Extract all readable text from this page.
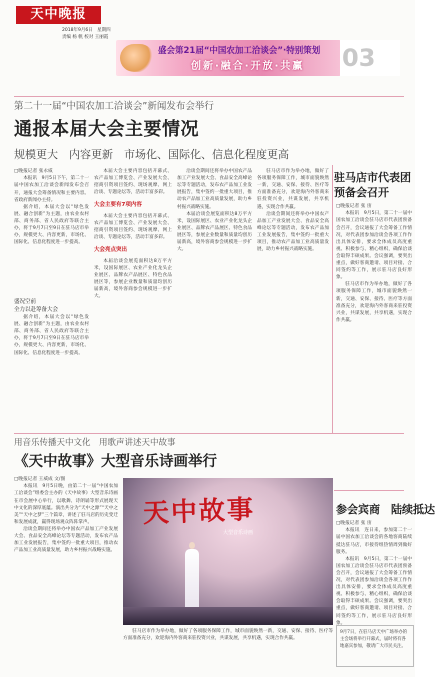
天中晚报
2018年9月6日　星期四
责编 杨 帆 校对 王丽霞
盛会第21届“中国农加工洽谈会”·特别策划
创新·融合·开放·共赢 03
第二十一届“中国农加工洽谈会”新闻发布会举行
通报本届大会主要情况
规模更大　内容更新　市场化、国际化、信息化程度更高
□晚报记者 张永威

本报讯　9月5日下午，第二十一届中国农加工洽谈会新闻发布会召开，通报大会筹备情况和主要内容。省政府新闻办主持。

据介绍，本届大会以“绿色发展、融合创新”为主题，由农业农村部、商务部、省人民政府等联合主办，将于9月7日至9日在驻马店市举办，规模更大、内容更新，市场化、国际化、信息化程度进一步提高。

盛况空前
全力以赴筹备大会

据介绍，本届大会以“绿色发展、融合创新”为主题，由农业农村部、商务部、省人民政府等联合主办，将于9月7日至9日在驻马店市举办，规模更大、内容更新，市场化、国际化、信息化程度进一步提高。

本届大会主要内容包括开幕式、农产品加工博览会、产业发展大会、招商引资项目签约、现场观摩、网上洽谈、专题论坛等，活动丰富多彩。

大会主要有7项内容

本届大会主要内容包括开幕式、农产品加工博览会、产业发展大会、招商引资项目签约、现场观摩、网上洽谈、专题论坛等，活动丰富多彩。

大会亮点突出

本届洽谈会展览面积达8万平方米，设国际展区、农业产业化龙头企业展区、品牌农产品展区、特色食品展区等，参展企业数量和质量均创历届新高，境外客商参会规模进一步扩大。

洽谈会期间还将举办中国农产品加工产业发展大会、食品安全高峰论坛等专题活动，发布农产品加工业发展报告，集中签约一批重大项目，推动农产品加工业高质量发展，助力乡村振兴战略实施。

本届洽谈会展览面积达8万平方米，设国际展区、农业产业化龙头企业展区、品牌农产品展区、特色食品展区等，参展企业数量和质量均创历届新高，境外客商参会规模进一步扩大。

驻马店市作为举办地，做好了各项服务保障工作，城市面貌焕然一新，交通、安保、接待、医疗等方面准备充分，欢迎海内外客商来驻投资兴业，共谋发展，共享机遇，实现合作共赢。

洽谈会期间还将举办中国农产品加工产业发展大会、食品安全高峰论坛等专题活动，发布农产品加工业发展报告，集中签约一批重大项目，推动农产品加工业高质量发展，助力乡村振兴战略实施。

驻马店市代表团
预备会召开
□晚报记者 张 宙

本报讯　9月5日，第二十一届中国农加工洽谈会驻马店市代表团预备会召开，会议通报了大会筹备工作情况，对代表团参加洽谈会各项工作作出具体安排，要求全体成员高度重视、积极参与、精心组织，确保洽谈会取得丰硕成果。会议强调，要突出重点，做好客商邀请、项目对接、合同签约等工作，展示驻马店良好形象。

驻马店市作为举办地，做好了各项服务保障工作，城市面貌焕然一新，交通、安保、接待、医疗等方面准备充分，欢迎海内外客商来驻投资兴业，共谋发展，共享机遇，实现合作共赢。

用音乐传播天中文化　用歌声讲述天中故事
《天中故事》大型音乐诗画举行
□晚报记者 王威成 文/图

本报讯　9月5日晚，由第二十一届“中国农加工洽谈会”组委会主办的《天中故事》大型音乐诗画在市会展中心举行，以歌舞、诗朗诵等形式展现天中文化的深厚底蕴。演出共分为“天中之源”“天中之美”“天中之梦”三个篇章，讲述了驻马店的历史变迁和发展成就，赢得现场观众阵阵掌声。

洽谈会期间还将举办中国农产品加工产业发展大会、食品安全高峰论坛等专题活动，发布农产品加工业发展报告，集中签约一批重大项目，推动农产品加工业高质量发展，助力乡村振兴战略实施。

天中故事
大型音乐诗画

驻马店市作为举办地，做好了各项服务保障工作，城市面貌焕然一新，交通、安保、接待、医疗等方面准备充分，欢迎海内外客商来驻投资兴业，共谋发展，共享机遇，实现合作共赢。

参会宾商　陆续抵达
□晚报记者 张 宙

本报讯　连日来，参加第二十一届中国农加工洽谈会的各地客商陆续抵达驻马店，市接待组热情周到做好服务。

本报讯　9月5日，第二十一届中国农加工洽谈会驻马店市代表团预备会召开，会议通报了大会筹备工作情况，对代表团参加洽谈会各项工作作出具体安排，要求全体成员高度重视、积极参与、精心组织，确保洽谈会取得丰硕成果。会议强调，要突出重点，做好客商邀请、项目对接、合同签约等工作，展示驻马店良好形象。

9月7日，在驻马店天中广场举办的主会场将举行开幕式，届时将有各地嘉宾参加，敬请广大市民关注。
